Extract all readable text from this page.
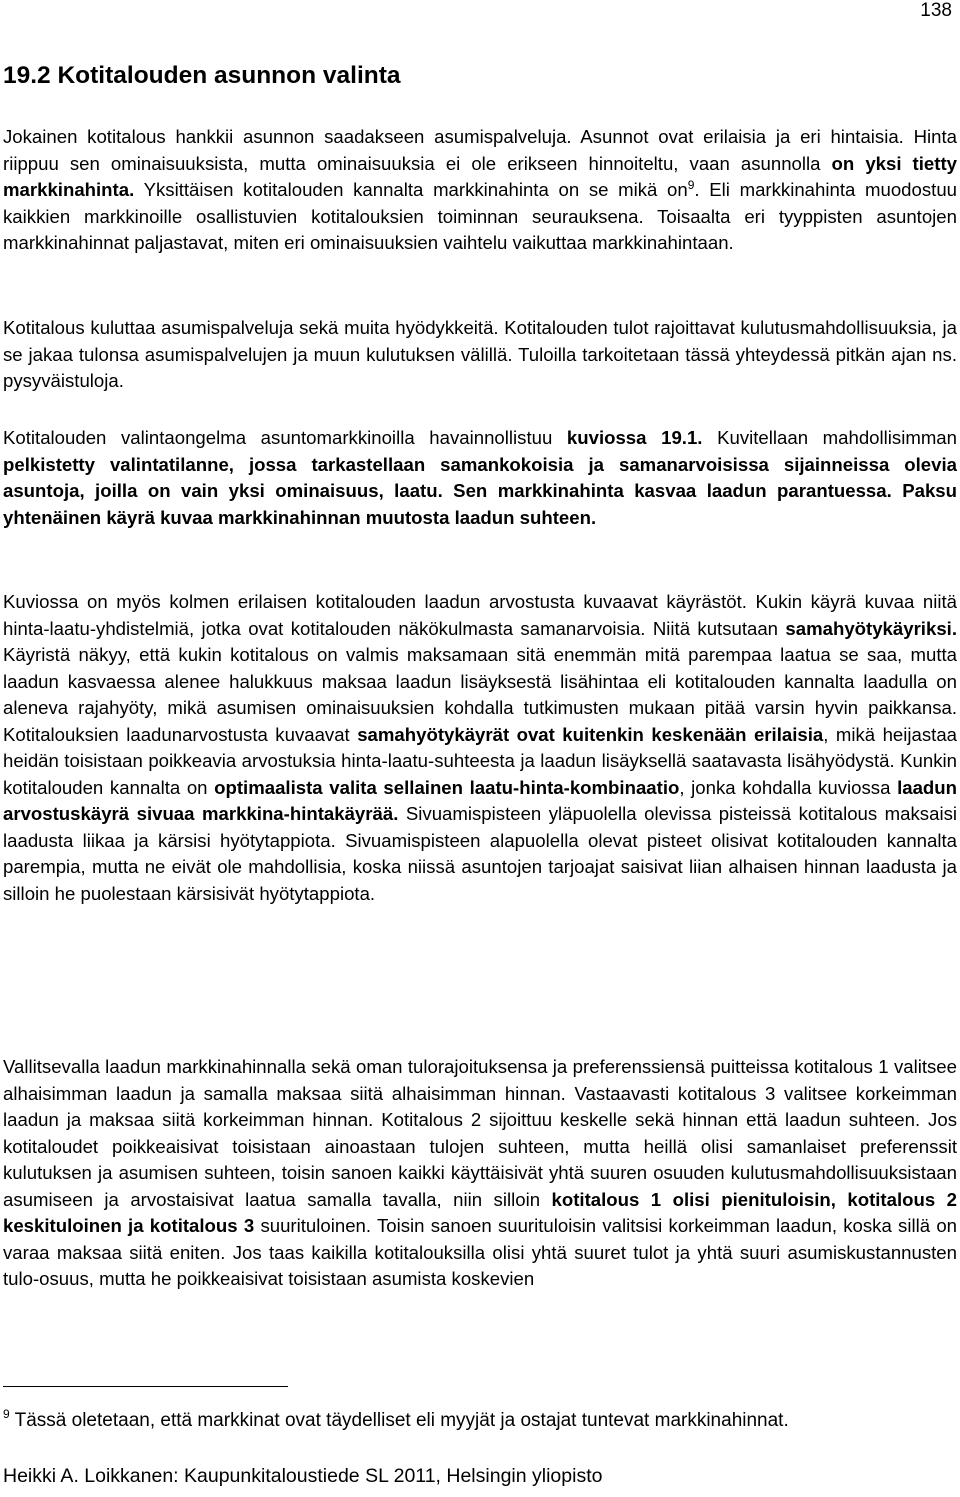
138
19.2 Kotitalouden asunnon valinta

Jokainen kotitalous hankkii asunnon saadakseen asumispalveluja. Asunnot ovat erilaisia ja eri hintaisia. Hinta riippuu sen ominaisuuksista, mutta ominaisuuksia ei ole erikseen hinnoiteltu, vaan asunnolla on yksi tietty markkinahinta. Yksittäisen kotitalouden kannalta markkinahinta on se mikä on$^9$. Eli markkinahinta muodostuu kaikkien markkinoille osallistuvien kotitalouksien toiminnan seurauksena. Toisaalta eri tyyppisten asuntojen markkinahinnat paljastavat, miten eri ominaisuuksien vaihtelu vaikuttaa markkinahintaan.

Kotitalous kuluttaa asumispalveluja sekä muita hyödykkeitä. Kotitalouden tulot rajoittavat kulutusmahdollisuuksia, ja se jakaa tulonsa asumispalvelujen ja muun kulutuksen välillä. Tuloilla tarkoitetaan tässä yhteydessä pitkän ajan ns. pysyväistuloja.

Kotitalouden valintaongelma asuntomarkkinoilla havainnollistuu kuviossa 19.1. Kuvitellaan mahdollisimman pelkistetty valintatilanne, jossa tarkastellaan samankokoisia ja samanarvoisissa sijainneissa olevia asuntoja, joilla on vain yksi ominaisuus, laatu. Sen markkinahinta kasvaa laadun parantuessa. Paksu yhtenäinen käyrä kuvaa markkinahinnan muutosta laadun suhteen.

Kuviossa on myös kolmen erilaisen kotitalouden laadun arvostusta kuvaavat käyrästöt. Kukin käyrä kuvaa niitä hinta-laatu-yhdistelmiä, jotka ovat kotitalouden näkökulmasta samanarvoisia. Niitä kutsutaan samahyötykäyriksi. Käyristä näkyy, että kukin kotitalous on valmis maksamaan sitä enemmän mitä parempaa laatua se saa, mutta laadun kasvaessa alenee halukkuus maksaa laadun lisäyksestä lisähintaa eli kotitalouden kannalta laadulla on aleneva rajahyöty, mikä asumisen ominaisuuksien kohdalla tutkimusten mukaan pitää varsin hyvin paikkansa. Kotitalouksien laadunarvostusta kuvaavat samahyötykäyrät ovat kuitenkin keskenään erilaisia, mikä heijastaa heidän toisistaan poikkeavia arvostuksia hinta-laatu-suhteesta ja laadun lisäyksellä saatavasta lisähyödystä. Kunkin kotitalouden kannalta on optimaalista valita sellainen laatu-hinta-kombinaatio, jonka kohdalla kuviossa laadun arvostuskäyrä sivuaa markkina-hintakäyrää. Sivuamispisteen yläpuolella olevissa pisteissä kotitalous maksaisi laadusta liikaa ja kärsisi hyötytappiota. Sivuamispisteen alapuolella olevat pisteet olisivat kotitalouden kannalta parempia, mutta ne eivät ole mahdollisia, koska niissä asuntojen tarjoajat saisivat liian alhaisen hinnan laadusta ja silloin he puolestaan kärsisivät hyötytappiota.

Vallitsevalla laadun markkinahinnalla sekä oman tulorajoituksensa ja preferenssiensä puitteissa kotitalous 1 valitsee alhaisimman laadun ja samalla maksaa siitä alhaisimman hinnan. Vastaavasti kotitalous 3 valitsee korkeimman laadun ja maksaa siitä korkeimman hinnan. Kotitalous 2 sijoittuu keskelle sekä hinnan että laadun suhteen. Jos kotitaloudet poikkeaisivat toisistaan ainoastaan tulojen suhteen, mutta heillä olisi samanlaiset preferenssit kulutuksen ja asumisen suhteen, toisin sanoen kaikki käyttäisivät yhtä suuren osuuden kulutusmahdollisuuksistaan asumiseen ja arvostaisivat laatua samalla tavalla, niin silloin kotitalous 1 olisi pienituloisin, kotitalous 2 keskituloinen ja kotitalous 3 suurituloinen. Toisin sanoen suurituloisin valitsisi korkeimman laadun, koska sillä on varaa maksaa siitä eniten. Jos taas kaikilla kotitalouksilla olisi yhtä suuret tulot ja yhtä suuri asumiskustannusten tulo-osuus, mutta he poikkeaisivat toisistaan asumista koskevien

$^9$ Tässä oletetaan, että markkinat ovat täydelliset eli myyjät ja ostajat tuntevat markkinahinnat.

Heikki A. Loikkanen: Kaupunkitaloustiede SL 2011, Helsingin yliopisto
